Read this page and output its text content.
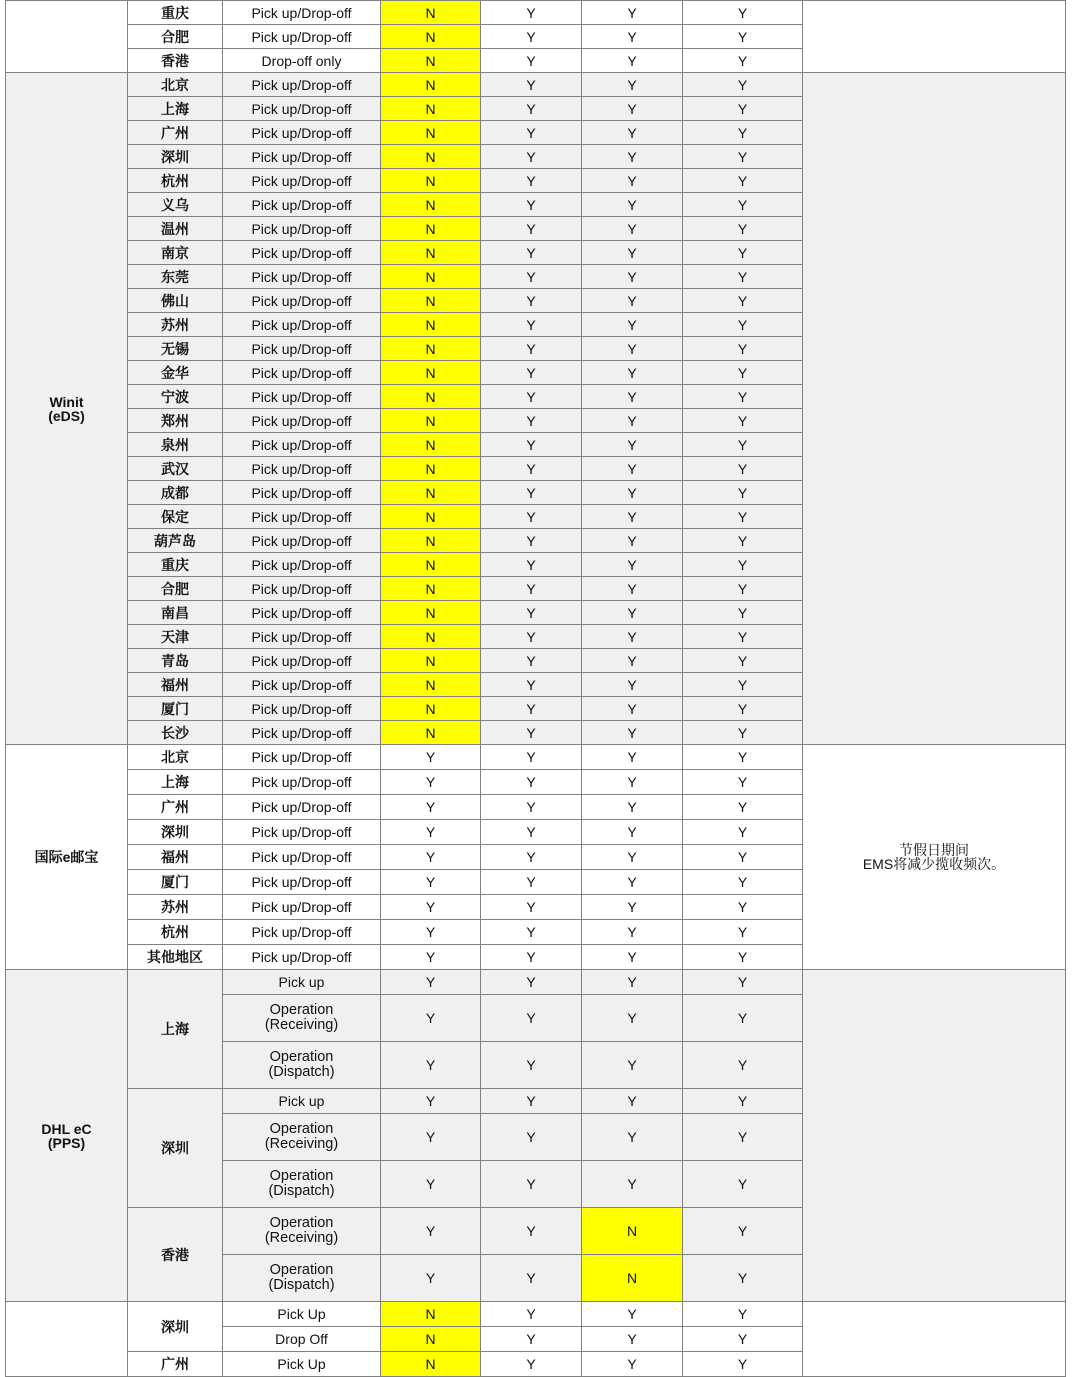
	重庆	Pick up/Drop-off	N	Y	Y	Y	
	合肥	Pick up/Drop-off	N	Y	Y	Y	
	香港	Drop-off only	N	Y	Y	Y	
Winit
(eDS)	北京	Pick up/Drop-off	N	Y	Y	Y	
	上海	Pick up/Drop-off	N	Y	Y	Y	
	广州	Pick up/Drop-off	N	Y	Y	Y	
	深圳	Pick up/Drop-off	N	Y	Y	Y	
	杭州	Pick up/Drop-off	N	Y	Y	Y	
	义乌	Pick up/Drop-off	N	Y	Y	Y	
	温州	Pick up/Drop-off	N	Y	Y	Y	
	南京	Pick up/Drop-off	N	Y	Y	Y	
	东莞	Pick up/Drop-off	N	Y	Y	Y	
	佛山	Pick up/Drop-off	N	Y	Y	Y	
	苏州	Pick up/Drop-off	N	Y	Y	Y	
	无锡	Pick up/Drop-off	N	Y	Y	Y	
	金华	Pick up/Drop-off	N	Y	Y	Y	
	宁波	Pick up/Drop-off	N	Y	Y	Y	
	郑州	Pick up/Drop-off	N	Y	Y	Y	
	泉州	Pick up/Drop-off	N	Y	Y	Y	
	武汉	Pick up/Drop-off	N	Y	Y	Y	
	成都	Pick up/Drop-off	N	Y	Y	Y	
	保定	Pick up/Drop-off	N	Y	Y	Y	
	葫芦岛	Pick up/Drop-off	N	Y	Y	Y	
	重庆	Pick up/Drop-off	N	Y	Y	Y	
	合肥	Pick up/Drop-off	N	Y	Y	Y	
	南昌	Pick up/Drop-off	N	Y	Y	Y	
	天津	Pick up/Drop-off	N	Y	Y	Y	
	青岛	Pick up/Drop-off	N	Y	Y	Y	
	福州	Pick up/Drop-off	N	Y	Y	Y	
	厦门	Pick up/Drop-off	N	Y	Y	Y	
	长沙	Pick up/Drop-off	N	Y	Y	Y	
国际e邮宝	北京	Pick up/Drop-off	Y	Y	Y	Y	节假日期间
EMS将减少揽收频次。

	上海	Pick up/Drop-off	Y	Y	Y	Y	
	广州	Pick up/Drop-off	Y	Y	Y	Y	
	深圳	Pick up/Drop-off	Y	Y	Y	Y	
	福州	Pick up/Drop-off	Y	Y	Y	Y	
	厦门	Pick up/Drop-off	Y	Y	Y	Y	
	苏州	Pick up/Drop-off	Y	Y	Y	Y	
	杭州	Pick up/Drop-off	Y	Y	Y	Y	
	其他地区	Pick up/Drop-off	Y	Y	Y	Y	
DHL eC
(PPS)	上海	Pick up	Y	Y	Y	Y	

		Operation
(Receiving)	Y	Y	Y	Y	

		Operation
(Dispatch)	Y	Y	Y	Y	
	深圳	Pick up	Y	Y	Y	Y	

		Operation
(Receiving)	Y	Y	Y	Y	

		Operation
(Dispatch)	Y	Y	Y	Y	
	香港	Operation
(Receiving)	Y	Y	N	Y	

		Operation
(Dispatch)	Y	Y	N	Y	
	深圳	Pick Up	N	Y	Y	Y	
		Drop Off	N	Y	Y	Y	
	广州	Pick Up	N	Y	Y	Y	
